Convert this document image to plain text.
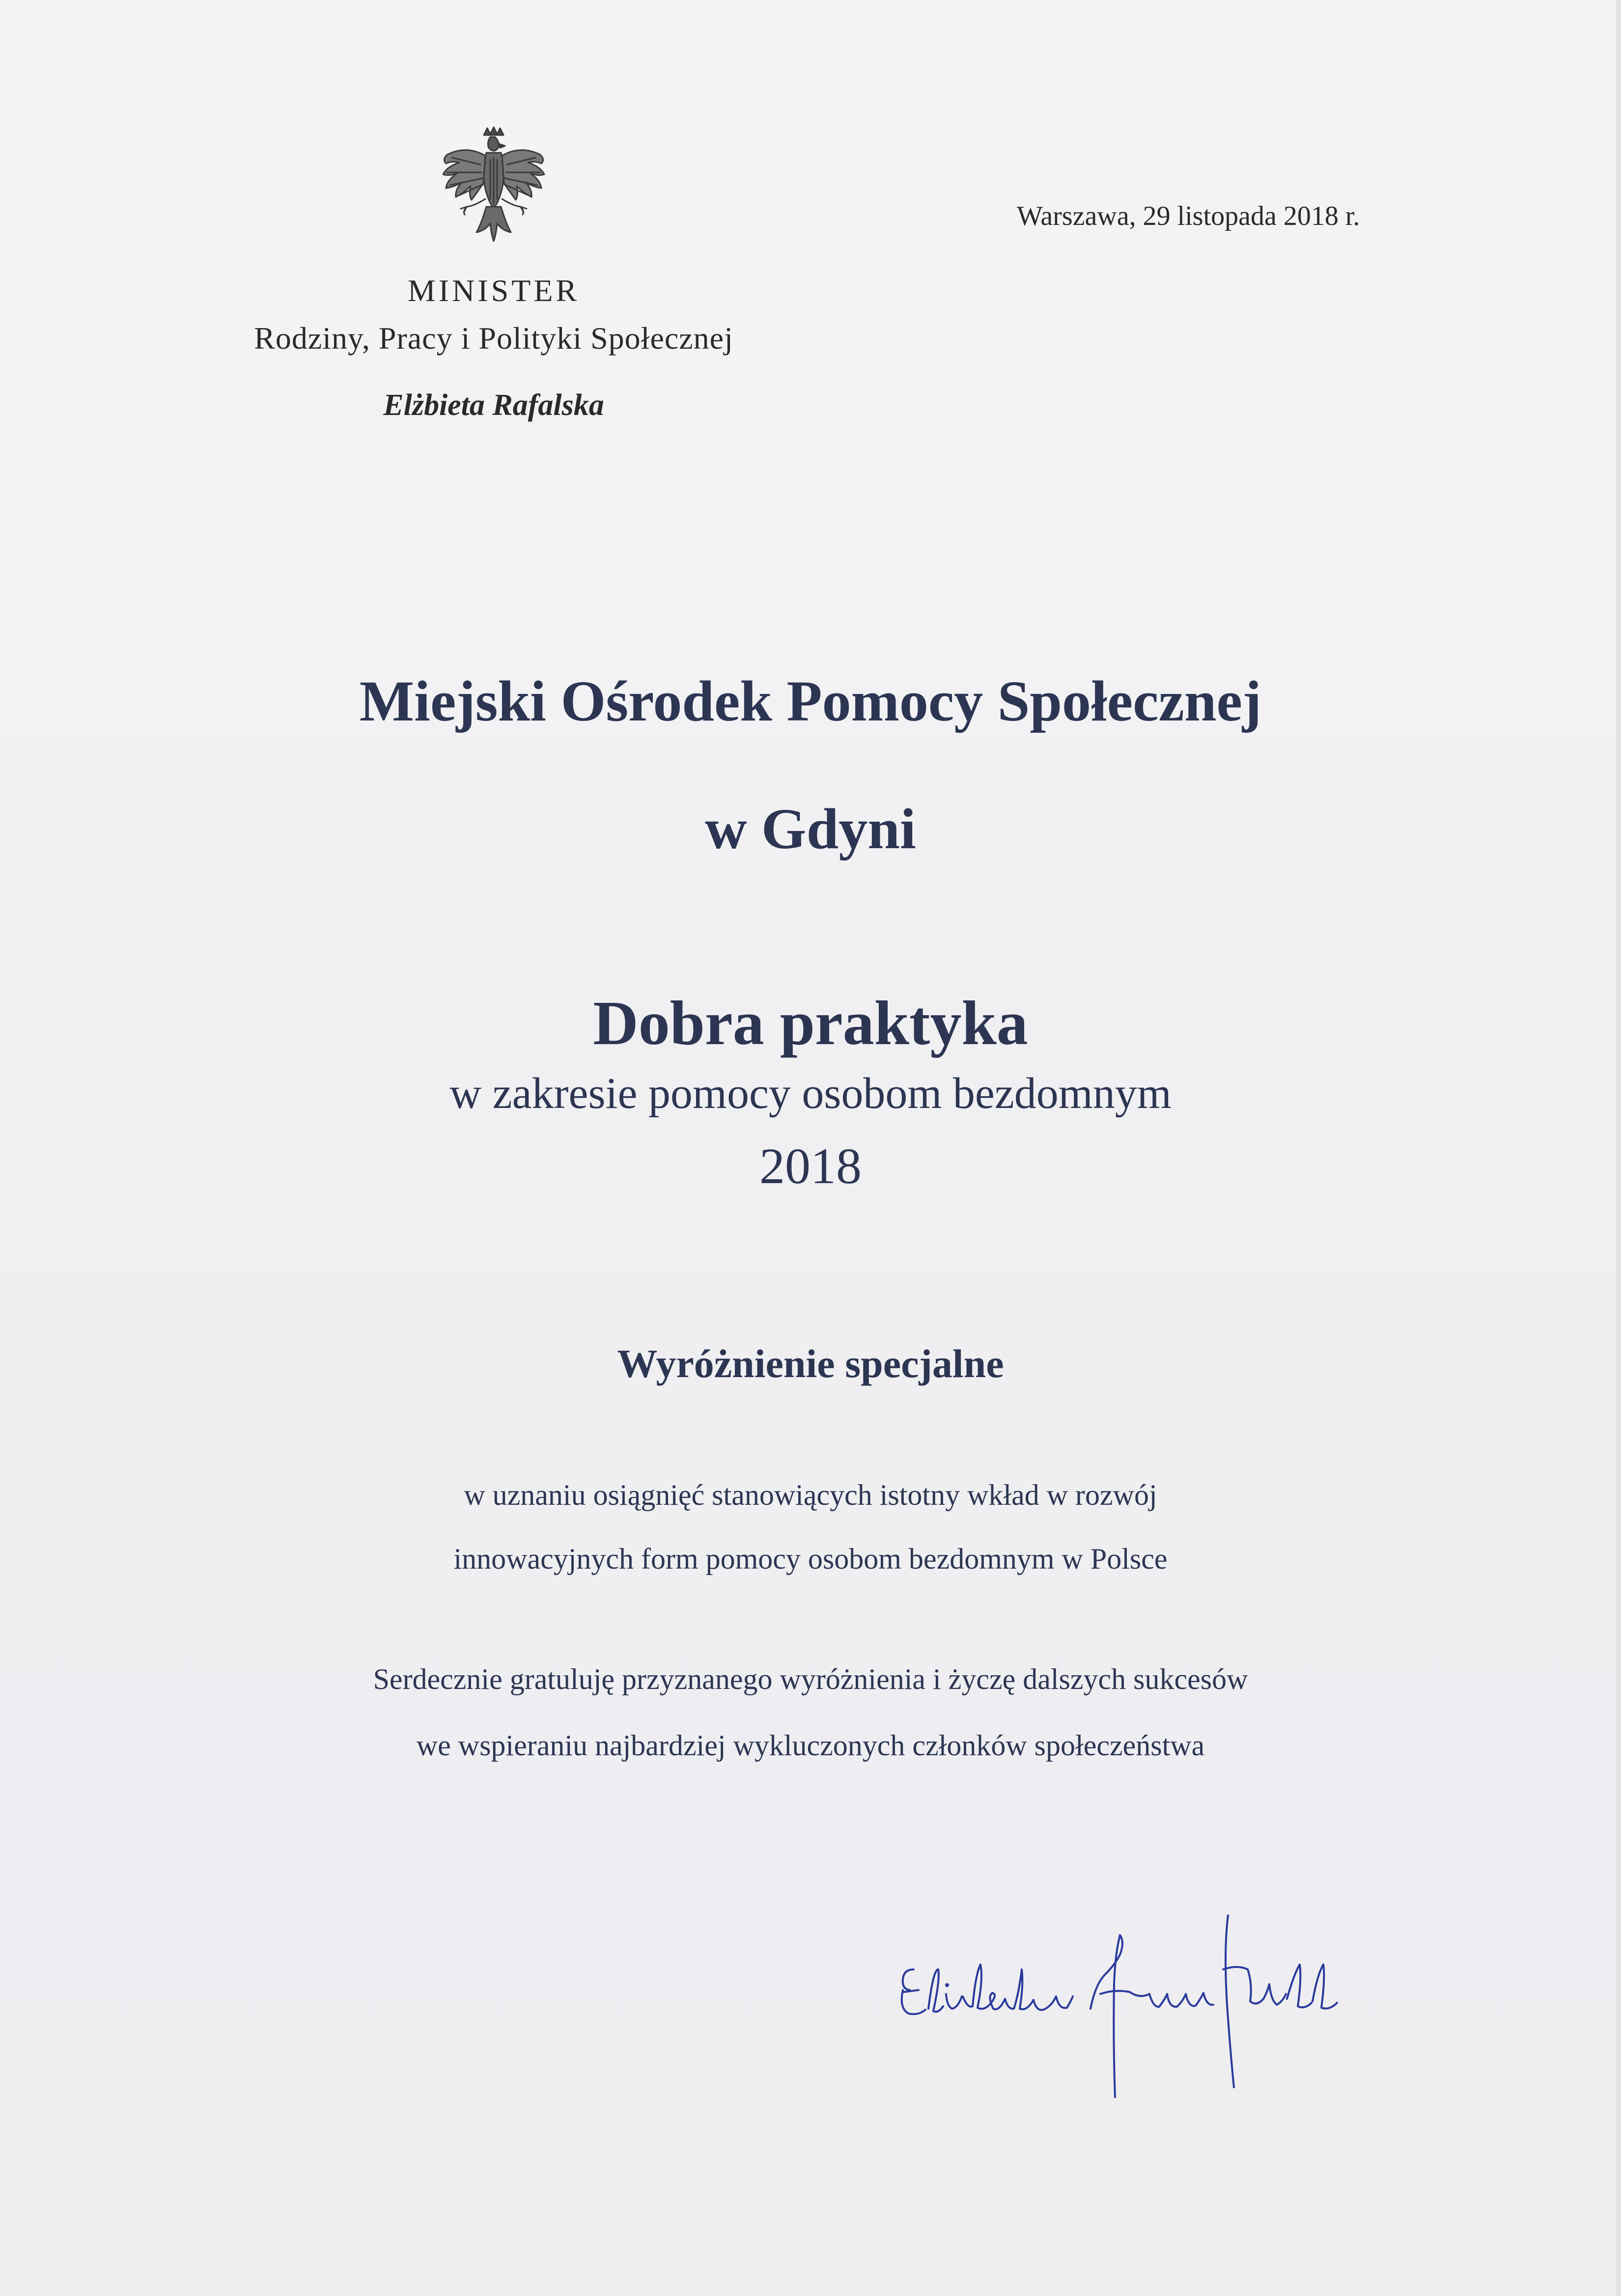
Warszawa, 29 listopada 2018 r.
MINISTER
Rodziny, Pracy i Polityki Społecznej
Elżbieta Rafalska
Miejski Ośrodek Pomocy Społecznej
w Gdyni
Dobra praktyka
w zakresie pomocy osobom bezdomnym
2018
Wyróżnienie specjalne
w uznaniu osiągnięć stanowiących istotny wkład w rozwój
innowacyjnych form pomocy osobom bezdomnym w Polsce
Serdecznie gratuluję przyznanego wyróżnienia i życzę dalszych sukcesów
we wspieraniu najbardziej wykluczonych członków społeczeństwa
